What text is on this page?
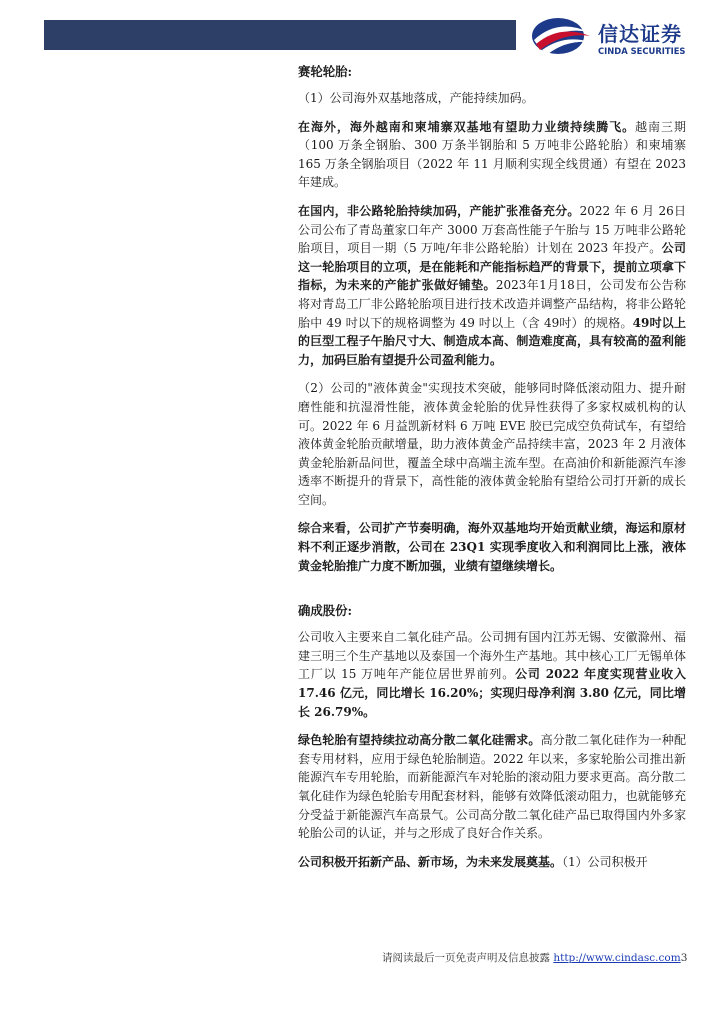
信达证券
CINDA SECURITIES

赛轮轮胎:

（1）公司海外双基地落成，产能持续加码。

在海外，海外越南和柬埔寨双基地有望助力业绩持续腾飞。越南三期（100 万条全钢胎、300 万条半钢胎和 5 万吨非公路轮胎）和柬埔寨165 万条全钢胎项目（2022 年 11 月顺利实现全线贯通）有望在 2023年建成。

在国内，非公路轮胎持续加码，产能扩张准备充分。2022 年 6 月 26日公司公布了青岛董家口年产 3000 万套高性能子午胎与 15 万吨非公路轮胎项目，项目一期（5 万吨/年非公路轮胎）计划在 2023 年投产。公司这一轮胎项目的立项，是在能耗和产能指标趋严的背景下，提前立项拿下指标，为未来的产能扩张做好铺垫。2023年1月18日，公司发布公告称将对青岛工厂非公路轮胎项目进行技术改造并调整产品结构，将非公路轮胎中 49 吋以下的规格调整为 49 吋以上（含 49吋）的规格。49吋以上的巨型工程子午胎尺寸大、制造成本高、制造难度高，具有较高的盈利能力，加码巨胎有望提升公司盈利能力。

（2）公司的"液体黄金"实现技术突破，能够同时降低滚动阻力、提升耐磨性能和抗湿滑性能，液体黄金轮胎的优异性获得了多家权威机构的认可。2022 年 6 月益凯新材料 6 万吨 EVE 胶已完成空负荷试车，有望给液体黄金轮胎贡献增量，助力液体黄金产品持续丰富，2023 年 2 月液体黄金轮胎新品问世，覆盖全球中高端主流车型。在高油价和新能源汽车渗透率不断提升的背景下，高性能的液体黄金轮胎有望给公司打开新的成长空间。

综合来看，公司扩产节奏明确，海外双基地均开始贡献业绩，海运和原材料不利正逐步消散，公司在 23Q1 实现季度收入和利润同比上涨，液体黄金轮胎推广力度不断加强，业绩有望继续增长。

确成股份:

公司收入主要来自二氧化硅产品。公司拥有国内江苏无锡、安徽滁州、福建三明三个生产基地以及泰国一个海外生产基地。其中核心工厂无锡单体工厂以 15 万吨年产能位居世界前列。公司 2022 年度实现营业收入 17.46 亿元，同比增长 16.20%；实现归母净利润 3.80 亿元，同比增长 26.79%。

绿色轮胎有望持续拉动高分散二氧化硅需求。高分散二氧化硅作为一种配套专用材料，应用于绿色轮胎制造。2022 年以来，多家轮胎公司推出新能源汽车专用轮胎，而新能源汽车对轮胎的滚动阻力要求更高。高分散二氧化硅作为绿色轮胎专用配套材料，能够有效降低滚动阻力，也就能够充分受益于新能源汽车高景气。公司高分散二氧化硅产品已取得国内外多家轮胎公司的认证，并与之形成了良好合作关系。

公司积极开拓新产品、新市场，为未来发展奠基。（1）公司积极开

请阅读最后一页免责声明及信息披露 http://www.cindasc.com3
